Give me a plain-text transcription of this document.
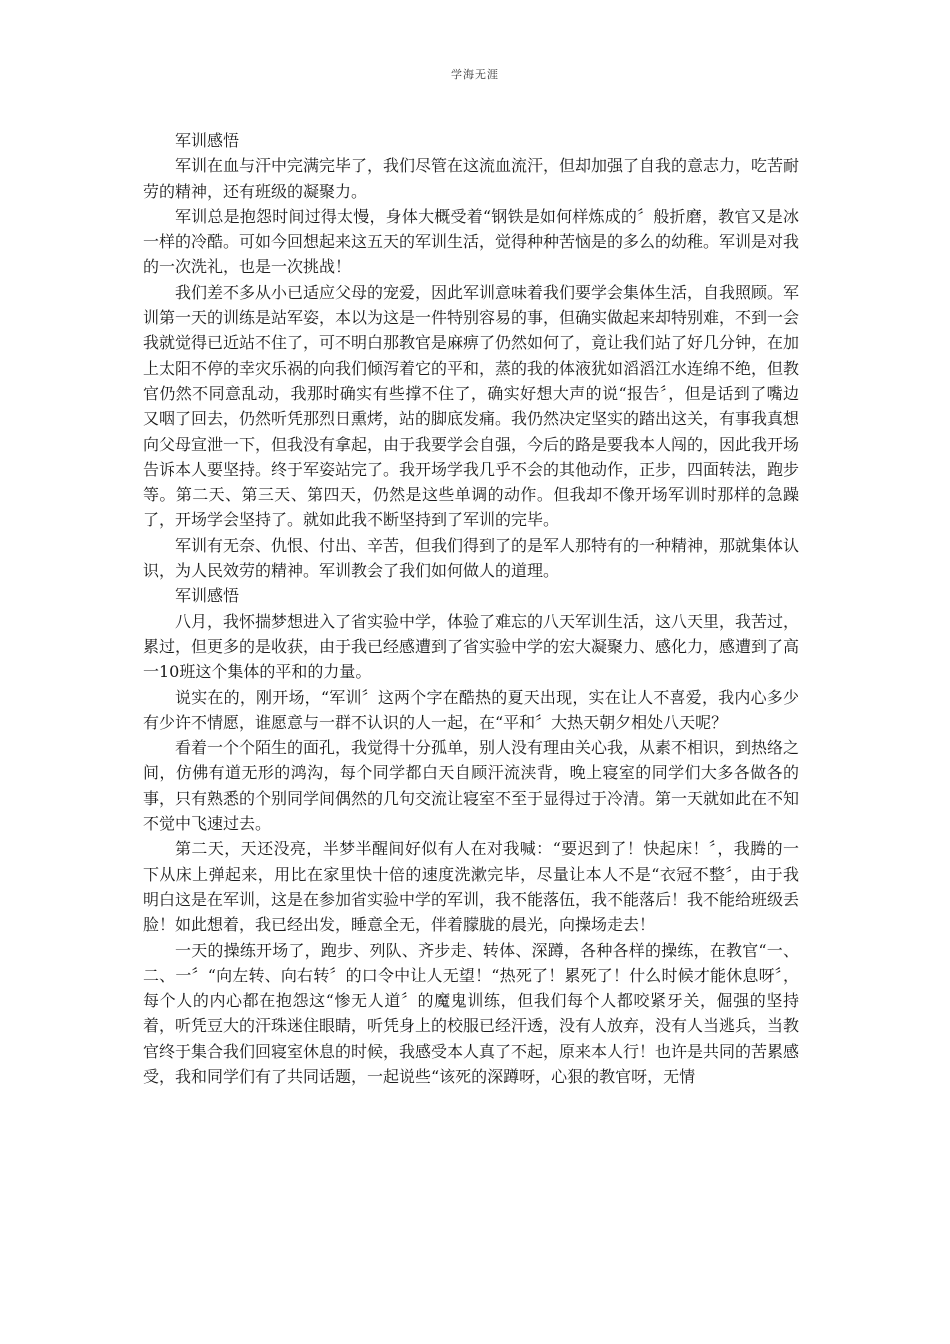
学海无涯

军训感悟

军训在血与汗中完满完毕了，我们尽管在这流血流汗，但却加强了自我的意志力，吃苦耐劳的精神，还有班级的凝聚力。

军训总是抱怨时间过得太慢，身体大概受着“钢铁是如何样炼成的〞般折磨，教官又是冰一样的冷酷。可如今回想起来这五天的军训生活，觉得种种苦恼是的多么的幼稚。军训是对我的一次洗礼，也是一次挑战！

我们差不多从小已适应父母的宠爱，因此军训意味着我们要学会集体生活，自我照顾。军训第一天的训练是站军姿，本以为这是一件特别容易的事，但确实做起来却特别难，不到一会我就觉得已近站不住了，可不明白那教官是麻痹了仍然如何了，竟让我们站了好几分钟，在加上太阳不停的幸灾乐祸的向我们倾泻着它的平和，蒸的我的体液犹如滔滔江水连绵不绝，但教官仍然不同意乱动，我那时确实有些撑不住了，确实好想大声的说“报告〞，但是话到了嘴边又咽了回去，仍然听凭那烈日熏烤，站的脚底发痛。我仍然决定坚实的踏出这关，有事我真想向父母宣泄一下，但我没有拿起，由于我要学会自强，今后的路是要我本人闯的，因此我开场告诉本人要坚持。终于军姿站完了。我开场学我几乎不会的其他动作，正步，四面转法，跑步等。第二天、第三天、第四天，仍然是这些单调的动作。但我却不像开场军训时那样的急躁了，开场学会坚持了。就如此我不断坚持到了军训的完毕。

军训有无奈、仇恨、付出、辛苦，但我们得到了的是军人那特有的一种精神，那就集体认识，为人民效劳的精神。军训教会了我们如何做人的道理。

军训感悟

八月，我怀揣梦想进入了省实验中学，体验了难忘的八天军训生活，这八天里，我苦过，累过，但更多的是收获，由于我已经感遭到了省实验中学的宏大凝聚力、感化力，感遭到了高一10班这个集体的平和的力量。

说实在的，刚开场，“军训〞这两个字在酷热的夏天出现，实在让人不喜爱，我内心多少有少许不情愿，谁愿意与一群不认识的人一起，在“平和〞大热天朝夕相处八天呢？

看着一个个陌生的面孔，我觉得十分孤单，别人没有理由关心我，从素不相识，到热络之间，仿佛有道无形的鸿沟，每个同学都白天自顾汗流浃背，晚上寝室的同学们大多各做各的事，只有熟悉的个别同学间偶然的几句交流让寝室不至于显得过于冷清。第一天就如此在不知不觉中飞速过去。

第二天，天还没亮，半梦半醒间好似有人在对我喊：“要迟到了！快起床！〞，我腾的一下从床上弹起来，用比在家里快十倍的速度洗漱完毕，尽量让本人不是“衣冠不整〞，由于我明白这是在军训，这是在参加省实验中学的军训，我不能落伍，我不能落后！我不能给班级丢脸！如此想着，我已经出发，睡意全无，伴着朦胧的晨光，向操场走去！

一天的操练开场了，跑步、列队、齐步走、转体、深蹲，各种各样的操练，在教官“一、二、一〞“向左转、向右转〞的口令中让人无望！“热死了！累死了！什么时候才能休息呀〞，每个人的内心都在抱怨这“惨无人道〞的魔鬼训练，但我们每个人都咬紧牙关，倔强的坚持着，听凭豆大的汗珠迷住眼睛，听凭身上的校服已经汗透，没有人放弃，没有人当逃兵，当教官终于集合我们回寝室休息的时候，我感受本人真了不起，原来本人行！也许是共同的苦累感受，我和同学们有了共同话题，一起说些“该死的深蹲呀，心狠的教官呀，无情
